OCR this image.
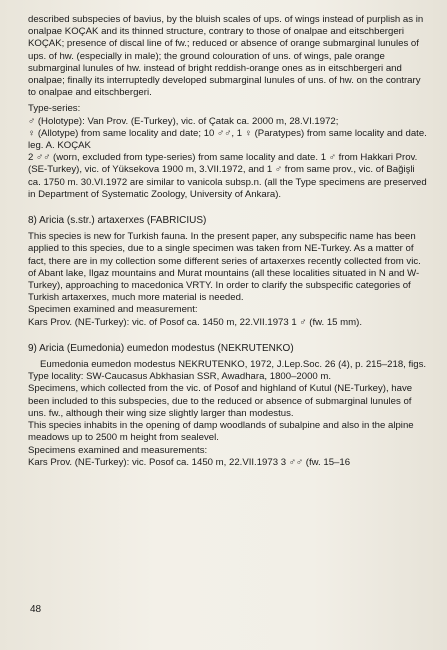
described subspecies of bavius, by the bluish scales of ups. of wings instead of purplish as in onalpae KOÇAK and its thinned structure, contrary to those of onalpae and eitschbergeri KOÇAK; presence of discal line of fw.; reduced or absence of orange submarginal lunules of ups. of hw. (especially in male); the ground colouration of uns. of wings, pale orange submarginal lunules of hw. instead of bright reddish-orange ones as in eitschbergeri and onalpae; finally its interruptedly developed submarginal lunules of uns. of hw. on the contrary to onalpae and eitschbergeri.

Type-series:

♂ (Holotype): Van Prov. (E-Turkey), vic. of Çatak ca. 2000 m, 28.VI.1972;

♀ (Allotype) from same locality and date; 10 ♂♂, 1 ♀ (Paratypes) from same locality and date. leg. A. KOÇAK

2 ♂♂ (worn, excluded from type-series) from same locality and date. 1 ♂ from Hakkari Prov. (SE-Turkey), vic. of Yüksekova 1900 m, 3.VII.1972, and 1 ♂ from same prov., vic. of Bağişli ca. 1750 m. 30.VI.1972 are similar to vanicola subsp.n. (all the Type specimens are preserved in Department of Systematic Zoology, University of Ankara).

8) Aricia (s.str.) artaxerxes (FABRICIUS)

This species is new for Turkish fauna. In the present paper, any subspecific name has been applied to this species, due to a single specimen was taken from NE-Turkey. As a matter of fact, there are in my collection some different series of artaxerxes recently collected from vic. of Abant lake, Ilgaz mountains and Murat mountains (all these localities situated in N and W-Turkey), approaching to macedonica VRTY. In order to clarify the subspecific categories of Turkish artaxerxes, much more material is needed.

Specimen examined and measurement:

Kars Prov. (NE-Turkey): vic. of Posof ca. 1450 m, 22.VII.1973 1 ♂ (fw. 15 mm).

9) Aricia (Eumedonia) eumedon modestus (NEKRUTENKO)

Eumedonia eumedon modestus NEKRUTENKO, 1972, J.Lep.Soc. 26 (4), p. 215–218, figs.

Type locality: SW-Caucasus Abkhasian SSR, Awadhara, 1800–2000 m.

Specimens, which collected from the vic. of Posof and highland of Kutul (NE-Turkey), have been included to this subspecies, due to the reduced or absence of submarginal lunules of uns. fw., although their wing size slightly larger than modestus.

This species inhabits in the opening of damp woodlands of subalpine and also in the alpine meadows up to 2500 m height from sealevel.

Specimens examined and measurements:

Kars Prov. (NE-Turkey): vic. Posof ca. 1450 m, 22.VII.1973 3 ♂♂ (fw. 15–16

48
